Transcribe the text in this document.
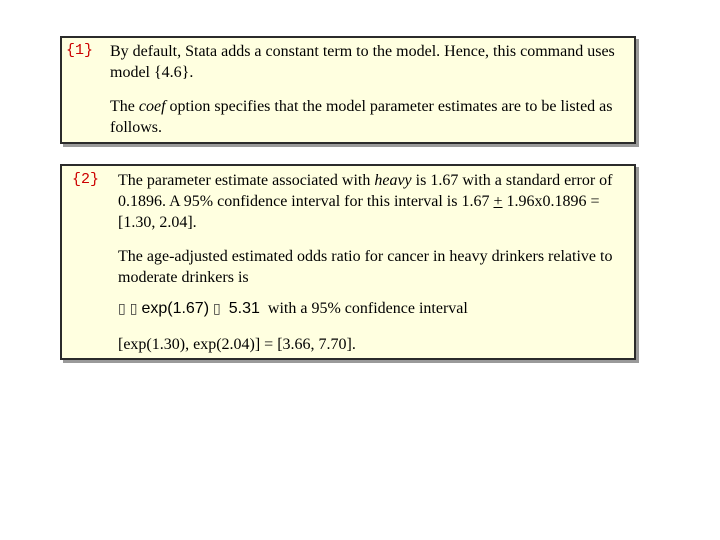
{1} By default, Stata adds a constant term to the model. Hence, this command uses model {4.6}.
The coef option specifies that the model parameter estimates are to be listed as follows.
{2} The parameter estimate associated with heavy is 1.67 with a standard error of 0.1896. A 95% confidence interval for this interval is 1.67 + 1.96x0.1896 = [1.30, 2.04].
The age-adjusted estimated odds ratio for cancer in heavy drinkers relative to moderate drinkers is
▯ ▯ exp(1.67) ▯ 5.31 with a 95% confidence interval
[exp(1.30), exp(2.04)] = [3.66, 7.70].
